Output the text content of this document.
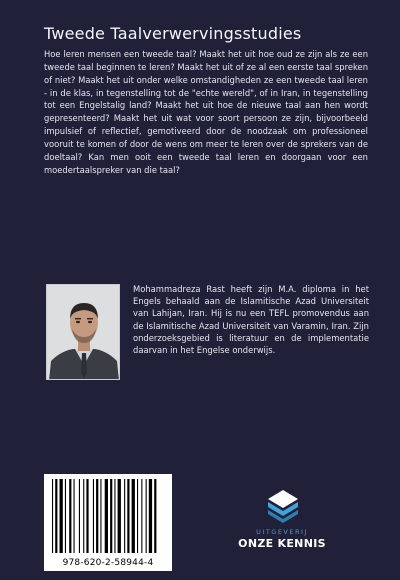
Tweede Taalverwervingsstudies

Hoe leren mensen een tweede taal? Maakt het uit hoe oud ze zijn als ze een tweede taal beginnen te leren? Maakt het uit of ze al een eerste taal spreken of niet? Maakt het uit onder welke omstandigheden ze een tweede taal leren - in de klas, in tegenstelling tot de "echte wereld", of in Iran, in tegenstelling tot een Engelstalig land? Maakt het uit hoe de nieuwe taal aan hen wordt gepresenteerd? Maakt het uit wat voor soort persoon ze zijn, bijvoorbeeld impulsief of reflectief, gemotiveerd door de noodzaak om professioneel vooruit te komen of door de wens om meer te leren over de sprekers van de doeltaal? Kan men ooit een tweede taal leren en doorgaan voor een moedertaalspreker van die taal?

Mohammadreza Rast heeft zijn M.A. diploma in het Engels behaald aan de Islamitische Azad Universiteit van Lahijan, Iran. Hij is nu een TEFL promovendus aan de Islamitische Azad Universiteit van Varamin, Iran. Zijn onderzoeksgebied is literatuur en de implementatie daarvan in het Engelse onderwijs.

978-620-2-58944-4
UITGEVERIJ
ONZE KENNIS
